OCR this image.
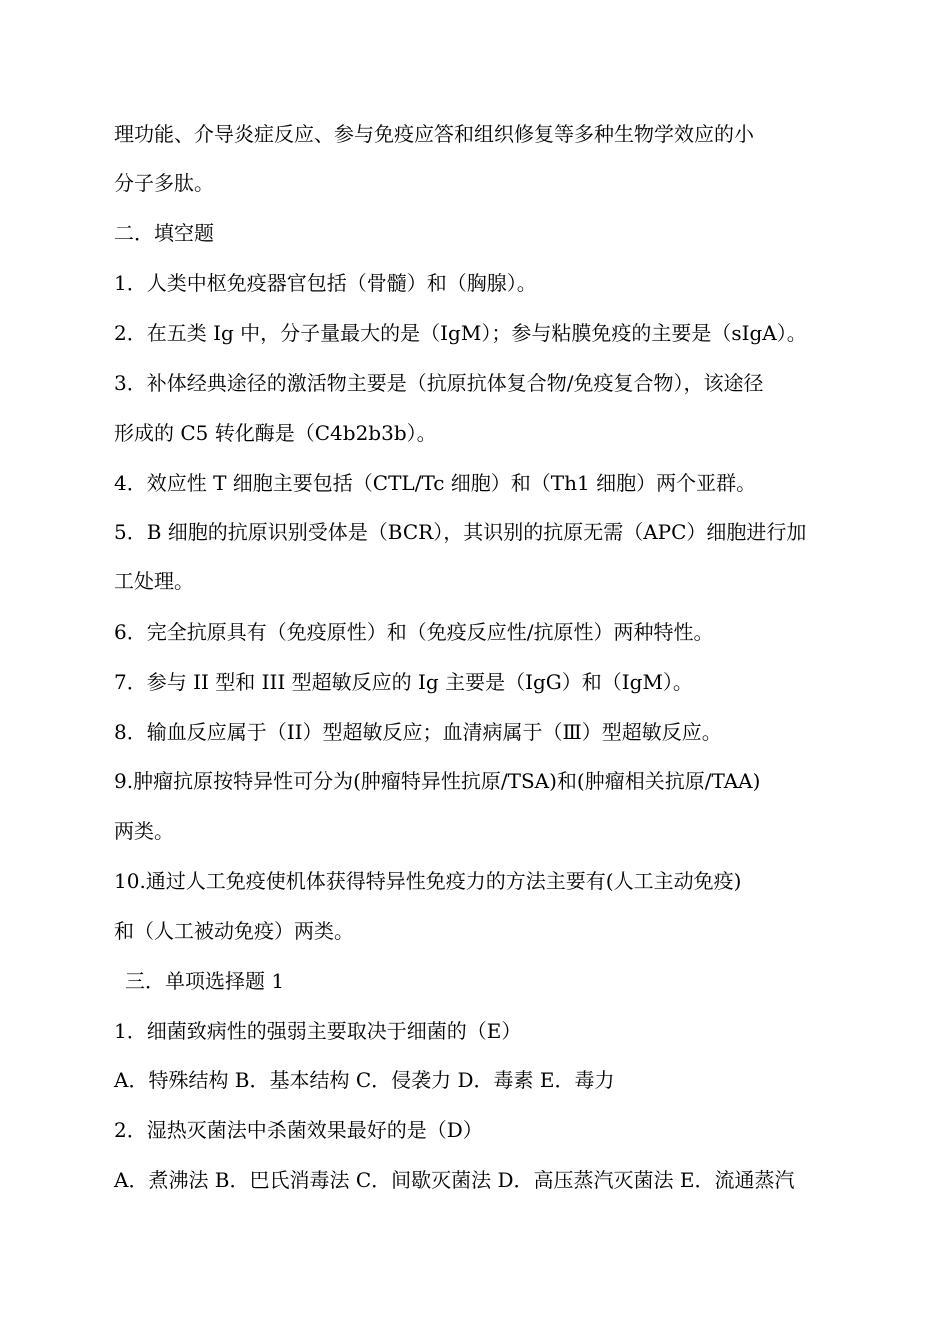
理功能、介导炎症反应、参与免疫应答和组织修复等多种生物学效应的小
分子多肽。
二．填空题
1．人类中枢免疫器官包括（骨髓）和（胸腺）。
2．在五类 Ig 中，分子量最大的是（IgM）；参与粘膜免疫的主要是（sIgA）。
3．补体经典途径的激活物主要是（抗原抗体复合物/免疫复合物），该途径
形成的 C5 转化酶是（C4b2b3b）。
4．效应性 T 细胞主要包括（CTL/Tc 细胞）和（Th1 细胞）两个亚群。
5．B 细胞的抗原识别受体是（BCR），其识别的抗原无需（APC）细胞进行加
工处理。
6．完全抗原具有（免疫原性）和（免疫反应性/抗原性）两种特性。
7．参与 II 型和 III 型超敏反应的 Ig 主要是（IgG）和（IgM）。
8．输血反应属于（II）型超敏反应；血清病属于（Ⅲ）型超敏反应。
9.肿瘤抗原按特异性可分为(肿瘤特异性抗原/TSA)和(肿瘤相关抗原/TAA)
两类。
10.通过人工免疫使机体获得特异性免疫力的方法主要有(人工主动免疫)
和（人工被动免疫）两类。
三．单项选择题 1
1．细菌致病性的强弱主要取决于细菌的（E）
A．特殊结构 B．基本结构 C．侵袭力 D．毒素 E．毒力
2．湿热灭菌法中杀菌效果最好的是（D）
A．煮沸法 B．巴氏消毒法 C．间歇灭菌法 D．高压蒸汽灭菌法 E．流通蒸汽
